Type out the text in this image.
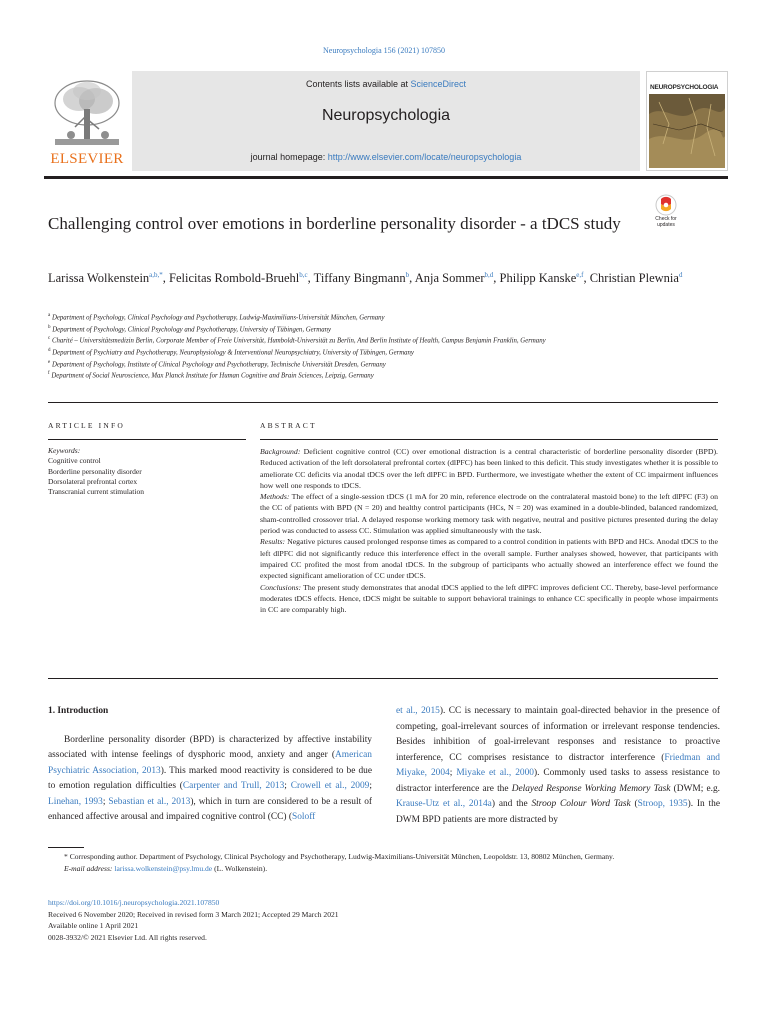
Neuropsychologia 156 (2021) 107850
ELSEVIER
Contents lists available at ScienceDirect
Neuropsychologia
journal homepage: http://www.elsevier.com/locate/neuropsychologia
NEUROPSYCHOLOGIA
Check for
updates
Challenging control over emotions in borderline personality disorder - a tDCS study
Larissa Wolkenstein$^{a,b,*}$, Felicitas Rombold-Bruehl$^{b,c}$, Tiffany Bingmann$^b$, Anja Sommer$^{b,d}$, Philipp Kanske$^{e,f}$, Christian Plewnia$^d$
$^a$ Department of Psychology, Clinical Psychology and Psychotherapy, Ludwig-Maximilians-Universität München, Germany
$^b$ Department of Psychology, Clinical Psychology and Psychotherapy, University of Tübingen, Germany
$^c$ Charité – Universitätsmedizin Berlin, Corporate Member of Freie Universität, Humboldt-Universität zu Berlin, And Berlin Institute of Health, Campus Benjamin Franklin, Germany
$^d$ Department of Psychiatry and Psychotherapy, Neurophysiology & Interventional Neuropsychiatry, University of Tübingen, Germany
$^e$ Department of Psychology, Institute of Clinical Psychology and Psychotherapy, Technische Universität Dresden, Germany
$^f$ Department of Social Neuroscience, Max Planck Institute for Human Cognitive and Brain Sciences, Leipzig, Germany
ARTICLE INFO	ABSTRACT
Keywords:
Cognitive control
Borderline personality disorder
Dorsolateral prefrontal cortex
Transcranial current stimulation

Background: Deficient cognitive control (CC) over emotional distraction is a central characteristic of borderline personality disorder (BPD). Reduced activation of the left dorsolateral prefrontal cortex (dlPFC) has been linked to this deficit. This study investigates whether it is possible to ameliorate CC deficits via anodal tDCS over the left dlPFC in BPD. Furthermore, we investigate whether the extent of CC impairment influences how well one responds to tDCS.

Methods: The effect of a single-session tDCS (1 mA for 20 min, reference electrode on the contralateral mastoid bone) to the left dlPFC (F3) on the CC of patients with BPD (N = 20) and healthy control participants (HCs, N = 20) was examined in a double-blinded, balanced randomized, sham-controlled crossover trial. A delayed response working memory task with negative, neutral and positive pictures presented during the delay period was conducted to assess CC. Stimulation was applied simultaneously with the task.

Results: Negative pictures caused prolonged response times as compared to a control condition in patients with BPD and HCs. Anodal tDCS to the left dlPFC did not significantly reduce this interference effect in the overall sample. Further analyses showed, however, that participants with impaired CC profited the most from anodal tDCS. In the subgroup of participants who actually showed an interference effect we found the expected significant amelioration of CC under tDCS.

Conclusions: The present study demonstrates that anodal tDCS applied to the left dlPFC improves deficient CC. Thereby, base-level performance moderates tDCS effects. Hence, tDCS might be suitable to support behavioral trainings to enhance CC specifically in people whose impairments in CC are comparably high.

1. Introduction

Borderline personality disorder (BPD) is characterized by affective instability associated with intense feelings of dysphoric mood, anxiety and anger (American Psychiatric Association, 2013). This marked mood reactivity is considered to be due to emotion regulation difficulties (Carpenter and Trull, 2013; Crowell et al., 2009; Linehan, 1993; Sebastian et al., 2013), which in turn are considered to be a result of enhanced affective arousal and impaired cognitive control (CC) (Soloff

et al., 2015). CC is necessary to maintain goal-directed behavior in the presence of competing, goal-irrelevant sources of information or irrelevant response tendencies. Besides inhibition of goal-irrelevant responses and resistance to proactive interference, CC comprises resistance to distractor interference (Friedman and Miyake, 2004; Miyake et al., 2000). Commonly used tasks to assess resistance to distractor interference are the Delayed Response Working Memory Task (DWM; e.g. Krause-Utz et al., 2014a) and the Stroop Colour Word Task (Stroop, 1935). In the DWM BPD patients are more distracted by

* Corresponding author. Department of Psychology, Clinical Psychology and Psychotherapy, Ludwig-Maximilians-Universität München, Leopoldstr. 13, 80802 München, Germany.

E-mail address: larissa.wolkenstein@psy.lmu.de (L. Wolkenstein).

https://doi.org/10.1016/j.neuropsychologia.2021.107850

Received 6 November 2020; Received in revised form 3 March 2021; Accepted 29 March 2021

Available online 1 April 2021

0028-3932/© 2021 Elsevier Ltd. All rights reserved.
